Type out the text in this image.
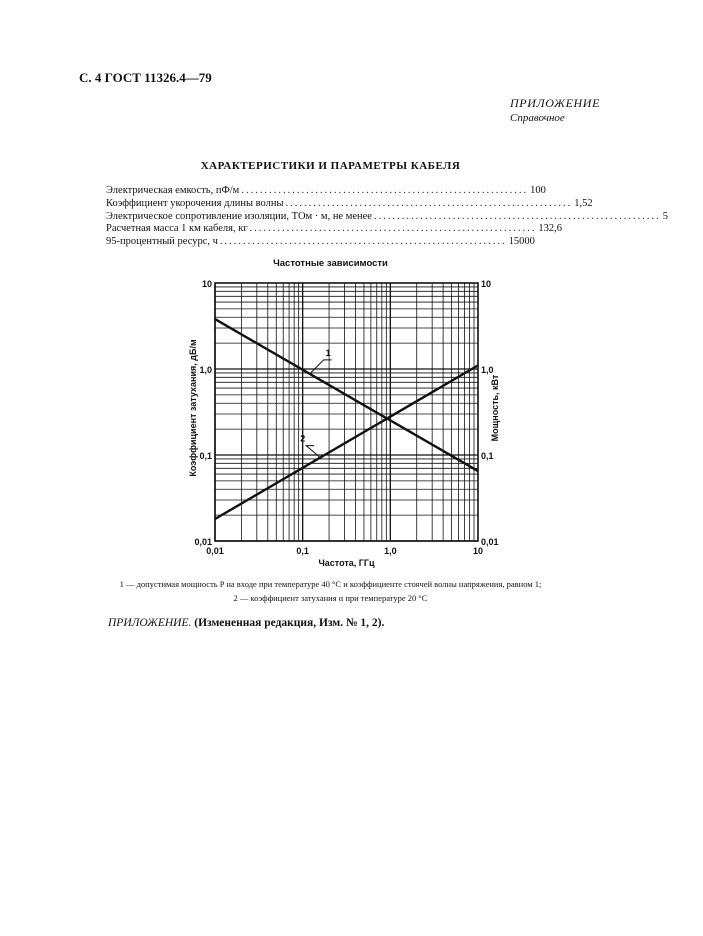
С. 4 ГОСТ 11326.4—79
ПРИЛОЖЕНИЕ
Справочное
ХАРАКТЕРИСТИКИ И ПАРАМЕТРЫ КАБЕЛЯ
Электрическая емкость, пФ/м .............................................................. 100
Коэффициент укорочения длины волны .............................................................. 1,52
Электрическое сопротивление изоляции, ТОм · м, не менее .............................................................. 5
Расчетная масса 1 км кабеля, кг .............................................................. 132,6
95-процентный ресурс, ч .............................................................. 15000
Частотные зависимости
1
2
0,01	0,1	1,0	10
0,01
0,1
1,0
10
0,01
0,1
1,0
10
Частота, ГГц
Коэффициент затухания, дБ/м	Мощность, кВт
1 — допустимая мощность P на входе при температуре 40 °С и коэффициенте стоячей волны напряжения, равном 1;
2 — коэффициент затухания α при температуре 20 °С
ПРИЛОЖЕНИЕ. (Измененная редакция, Изм. № 1, 2).
